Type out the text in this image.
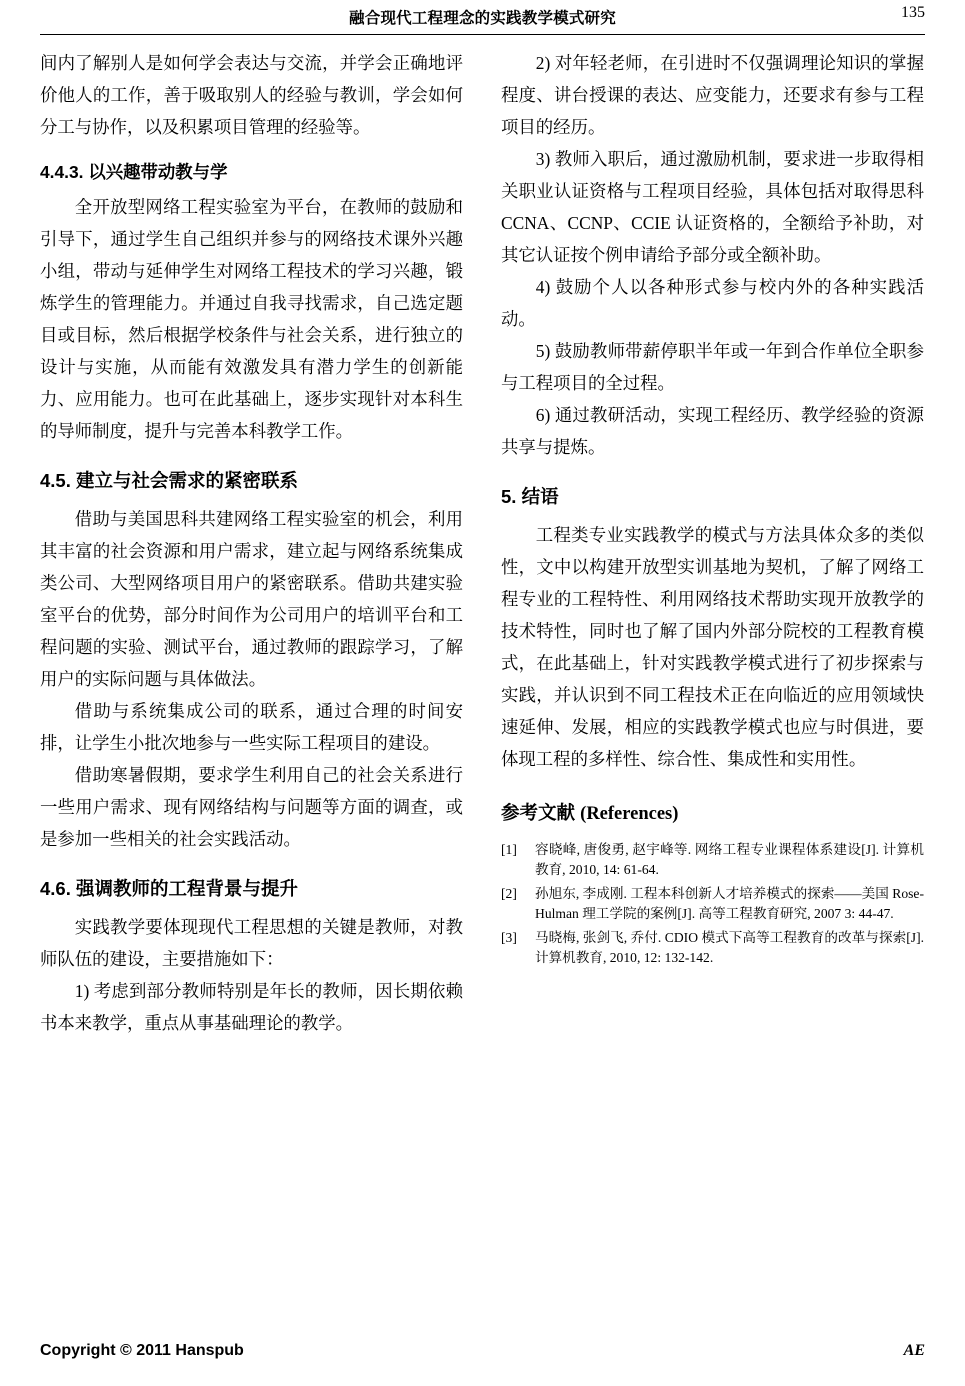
融合现代工程理念的实践教学模式研究	135

间内了解别人是如何学会表达与交流，并学会正确地评价他人的工作，善于吸取别人的经验与教训，学会如何分工与协作，以及积累项目管理的经验等。

4.4.3. 以兴趣带动教与学

全开放型网络工程实验室为平台，在教师的鼓励和引导下，通过学生自己组织并参与的网络技术课外兴趣小组，带动与延伸学生对网络工程技术的学习兴趣，锻炼学生的管理能力。并通过自我寻找需求，自己选定题目或目标，然后根据学校条件与社会关系，进行独立的设计与实施，从而能有效激发具有潜力学生的创新能力、应用能力。也可在此基础上，逐步实现针对本科生的导师制度，提升与完善本科教学工作。

4.5. 建立与社会需求的紧密联系

借助与美国思科共建网络工程实验室的机会，利用其丰富的社会资源和用户需求，建立起与网络系统集成类公司、大型网络项目用户的紧密联系。借助共建实验室平台的优势，部分时间作为公司用户的培训平台和工程问题的实验、测试平台，通过教师的跟踪学习，了解用户的实际问题与具体做法。

借助与系统集成公司的联系，通过合理的时间安排，让学生小批次地参与一些实际工程项目的建设。

借助寒暑假期，要求学生利用自己的社会关系进行一些用户需求、现有网络结构与问题等方面的调查，或是参加一些相关的社会实践活动。

4.6. 强调教师的工程背景与提升

实践教学要体现现代工程思想的关键是教师，对教师队伍的建设，主要措施如下：

1) 考虑到部分教师特别是年长的教师，因长期依赖书本来教学，重点从事基础理论的教学。

2) 对年轻老师，在引进时不仅强调理论知识的掌握程度、讲台授课的表达、应变能力，还要求有参与工程项目的经历。

3) 教师入职后，通过激励机制，要求进一步取得相关职业认证资格与工程项目经验，具体包括对取得思科 CCNA、CCNP、CCIE 认证资格的，全额给予补助，对其它认证按个例申请给予部分或全额补助。

4) 鼓励个人以各种形式参与校内外的各种实践活动。

5) 鼓励教师带薪停职半年或一年到合作单位全职参与工程项目的全过程。

6) 通过教研活动，实现工程经历、教学经验的资源共享与提炼。

5. 结语

工程类专业实践教学的模式与方法具体众多的类似性，文中以构建开放型实训基地为契机，了解了网络工程专业的工程特性、利用网络技术帮助实现开放教学的技术特性，同时也了解了国内外部分院校的工程教育模式，在此基础上，针对实践教学模式进行了初步探索与实践，并认识到不同工程技术正在向临近的应用领域快速延伸、发展，相应的实践教学模式也应与时俱进，要体现工程的多样性、综合性、集成性和实用性。

参考文献 (References)
[1]	容晓峰, 唐俊勇, 赵宇峰等. 网络工程专业课程体系建设[J]. 计算机教育, 2010, 14: 61-64.
[2]	孙旭东, 李成刚. 工程本科创新人才培养模式的探索——美国 Rose-Hulman 理工学院的案例[J]. 高等工程教育研究, 2007 3: 44-47.
[3]	马晓梅, 张剑飞, 乔付. CDIO 模式下高等工程教育的改革与探索[J]. 计算机教育, 2010, 12: 132-142.
Copyright © 2011 Hanspub	AE
